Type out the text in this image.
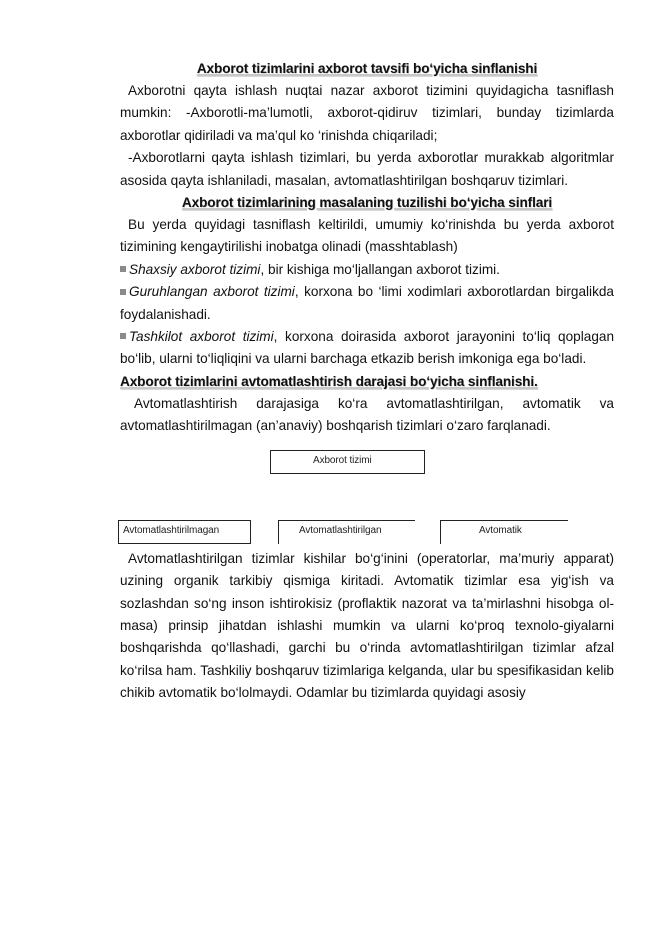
Axborot tizimlarini axborot tavsifi bo‘yicha sinflanishi

Axborotni qayta ishlash nuqtai nazar axborot tizimini quyidagicha tasniflash mumkin: -Axborotli-ma’lumotli, axborot-qidiruv tizimlari, bunday tizimlarda axborotlar qidiriladi va ma’qul ko ‘rinishda chiqariladi;

-Axborotlarni qayta ishlash tizimlari, bu yerda axborotlar murakkab algoritmlar asosida qayta ishlaniladi, masalan, avtomatlashtirilgan boshqaruv tizimlari.

Axborot tizimlarining masalaning tuzilishi bo‘yicha sinflari

Bu yerda quyidagi tasniflash keltirildi, umumiy ko‘rinishda bu yerda axborot tizimining kengaytirilishi inobatga olinadi (masshtablash)

Shaxsiy axborot tizimi, bir kishiga mo‘ljallangan axborot tizimi.

Guruhlangan axborot tizimi, korxona bo ‘limi xodimlari axborotlardan birgalikda foydalanishadi.

Tashkilot axborot tizimi, korxona doirasida axborot jarayonini to‘liq qoplagan bo‘lib, ularni to‘liqliqini va ularni barchaga etkazib berish imkoniga ega bo‘ladi.

Axborot tizimlarini avtomatlashtirish darajasi bo‘yicha sinflanishi.

Avtomatlashtirish darajasiga ko‘ra avtomatlashtirilgan, avtomatik va avtomatlashtirilmagan (an’anaviy) boshqarish tizimlari o‘zaro farqlanadi.

Axborot tizimi
Avtomatlashtirilmagan	Avtomatlashtirilgan	Avtomatik

Avtomatlashtirilgan tizimlar kishilar bo‘g‘inini (operatorlar, ma’muriy apparat) uzining organik tarkibiy qismiga kiritadi. Avtomatik tizimlar esa yig‘ish va sozlashdan so‘ng inson ishtirokisiz (proflaktik nazorat va ta’mirlashni hisobga ol-masa) prinsip jihatdan ishlashi mumkin va ularni ko‘proq texnolo-giyalarni boshqarishda qo‘llashadi, garchi bu o‘rinda avtomatlashtirilgan tizimlar afzal ko‘rilsa ham. Tashkiliy boshqaruv tizimlariga kelganda, ular bu spesifikasidan kelib chikib avtomatik bo‘lolmaydi. Odamlar bu tizimlarda quyidagi asosiy
